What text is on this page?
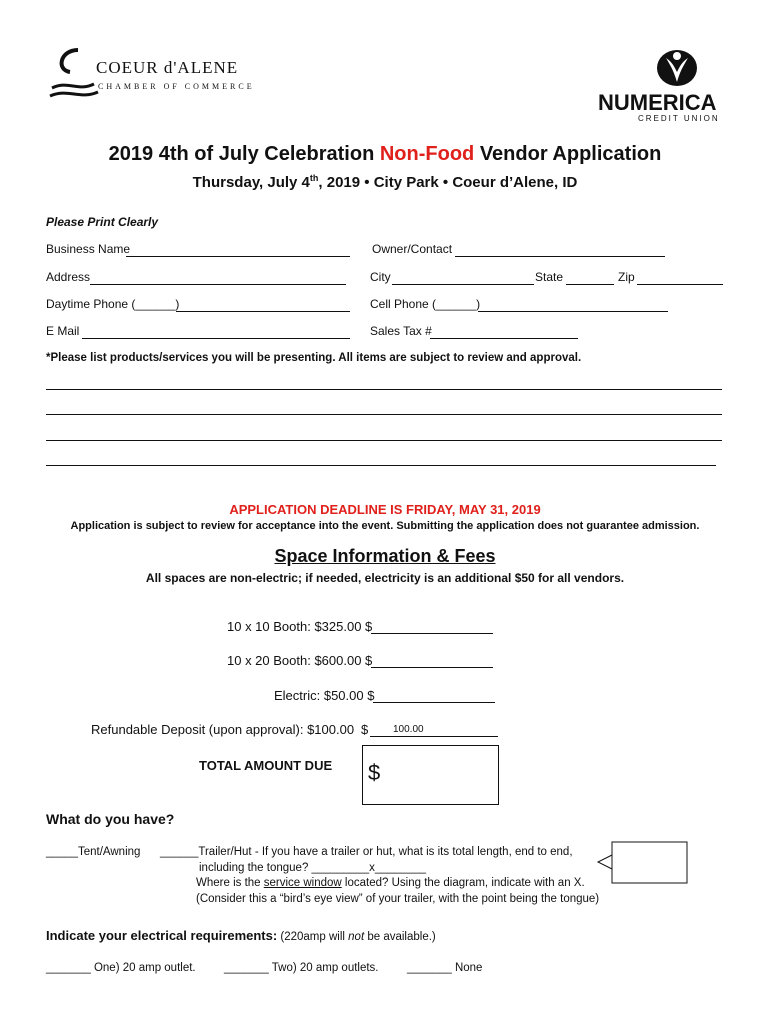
COEUR d'ALENE
CHAMBER OF COMMERCE
NUMERICA
CREDIT UNION
2019 4th of July Celebration Non-Food Vendor Application
Thursday, July 4th, 2019 • City Park • Coeur d’Alene, ID
Please Print Clearly
Business Name	Owner/Contact
Address	City	State	Zip
Daytime Phone (______)	Cell Phone (______)
E Mail	Sales Tax #
*Please list products/services you will be presenting. All items are subject to review and approval.
APPLICATION DEADLINE IS FRIDAY, MAY 31, 2019
Application is subject to review for acceptance into the event. Submitting the application does not guarantee admission.
Space Information & Fees
All spaces are non-electric; if needed, electricity is an additional $50 for all vendors.
10 x 10 Booth: $325.00 $
10 x 20 Booth: $600.00 $
Electric: $50.00 $
Refundable Deposit (upon approval): $100.00 $ 100.00
TOTAL AMOUNT DUE $
What do you have?
_____Tent/Awning ______Trailer/Hut - If you have a trailer or hut, what is its total length, end to end,
including the tongue? _________x________
Where is the service window located? Using the diagram, indicate with an X.
(Consider this a “bird’s eye view” of your trailer, with the point being the tongue)
Indicate your electrical requirements: (220amp will not be available.)
_______ One) 20 amp outlet. _______ Two) 20 amp outlets. _______ None
